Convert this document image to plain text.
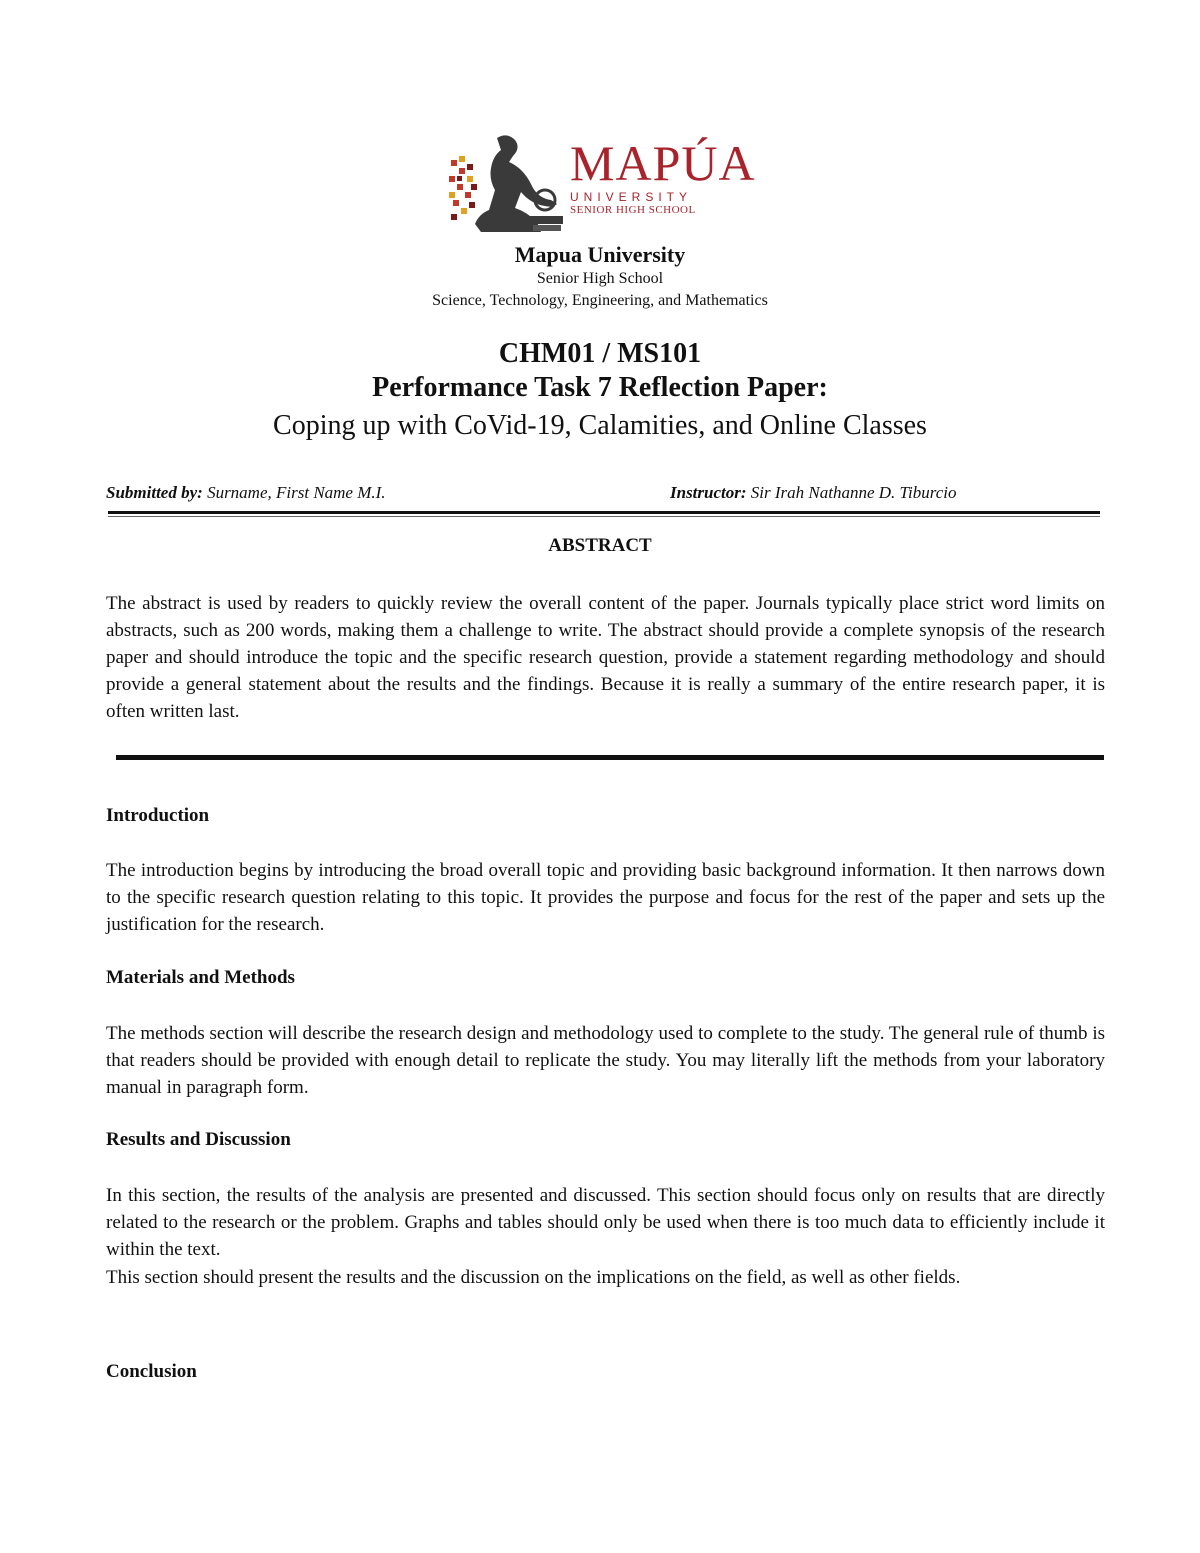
MAPÚA
UNIVERSITY
SENIOR HIGH SCHOOL
Mapua University
Senior High School
Science, Technology, Engineering, and Mathematics
CHM01 / MS101
Performance Task 7 Reflection Paper:
Coping up with CoVid-19, Calamities, and Online Classes
Submitted by: Surname, First Name M.I.	Instructor: Sir Irah Nathanne D. Tiburcio
ABSTRACT
The abstract is used by readers to quickly review the overall content of the paper. Journals typically place strict word limits on abstracts, such as 200 words, making them a challenge to write. The abstract should provide a complete synopsis of the research paper and should introduce the topic and the specific research question, provide a statement regarding methodology and should provide a general statement about the results and the findings. Because it is really a summary of the entire research paper, it is often written last.
Introduction
The introduction begins by introducing the broad overall topic and providing basic background information. It then narrows down to the specific research question relating to this topic. It provides the purpose and focus for the rest of the paper and sets up the justification for the research.
Materials and Methods
The methods section will describe the research design and methodology used to complete to the study. The general rule of thumb is that readers should be provided with enough detail to replicate the study. You may literally lift the methods from your laboratory manual in paragraph form.
Results and Discussion
In this section, the results of the analysis are presented and discussed. This section should focus only on results that are directly related to the research or the problem. Graphs and tables should only be used when there is too much data to efficiently include it within the text.
This section should present the results and the discussion on the implications on the field, as well as other fields.
Conclusion
